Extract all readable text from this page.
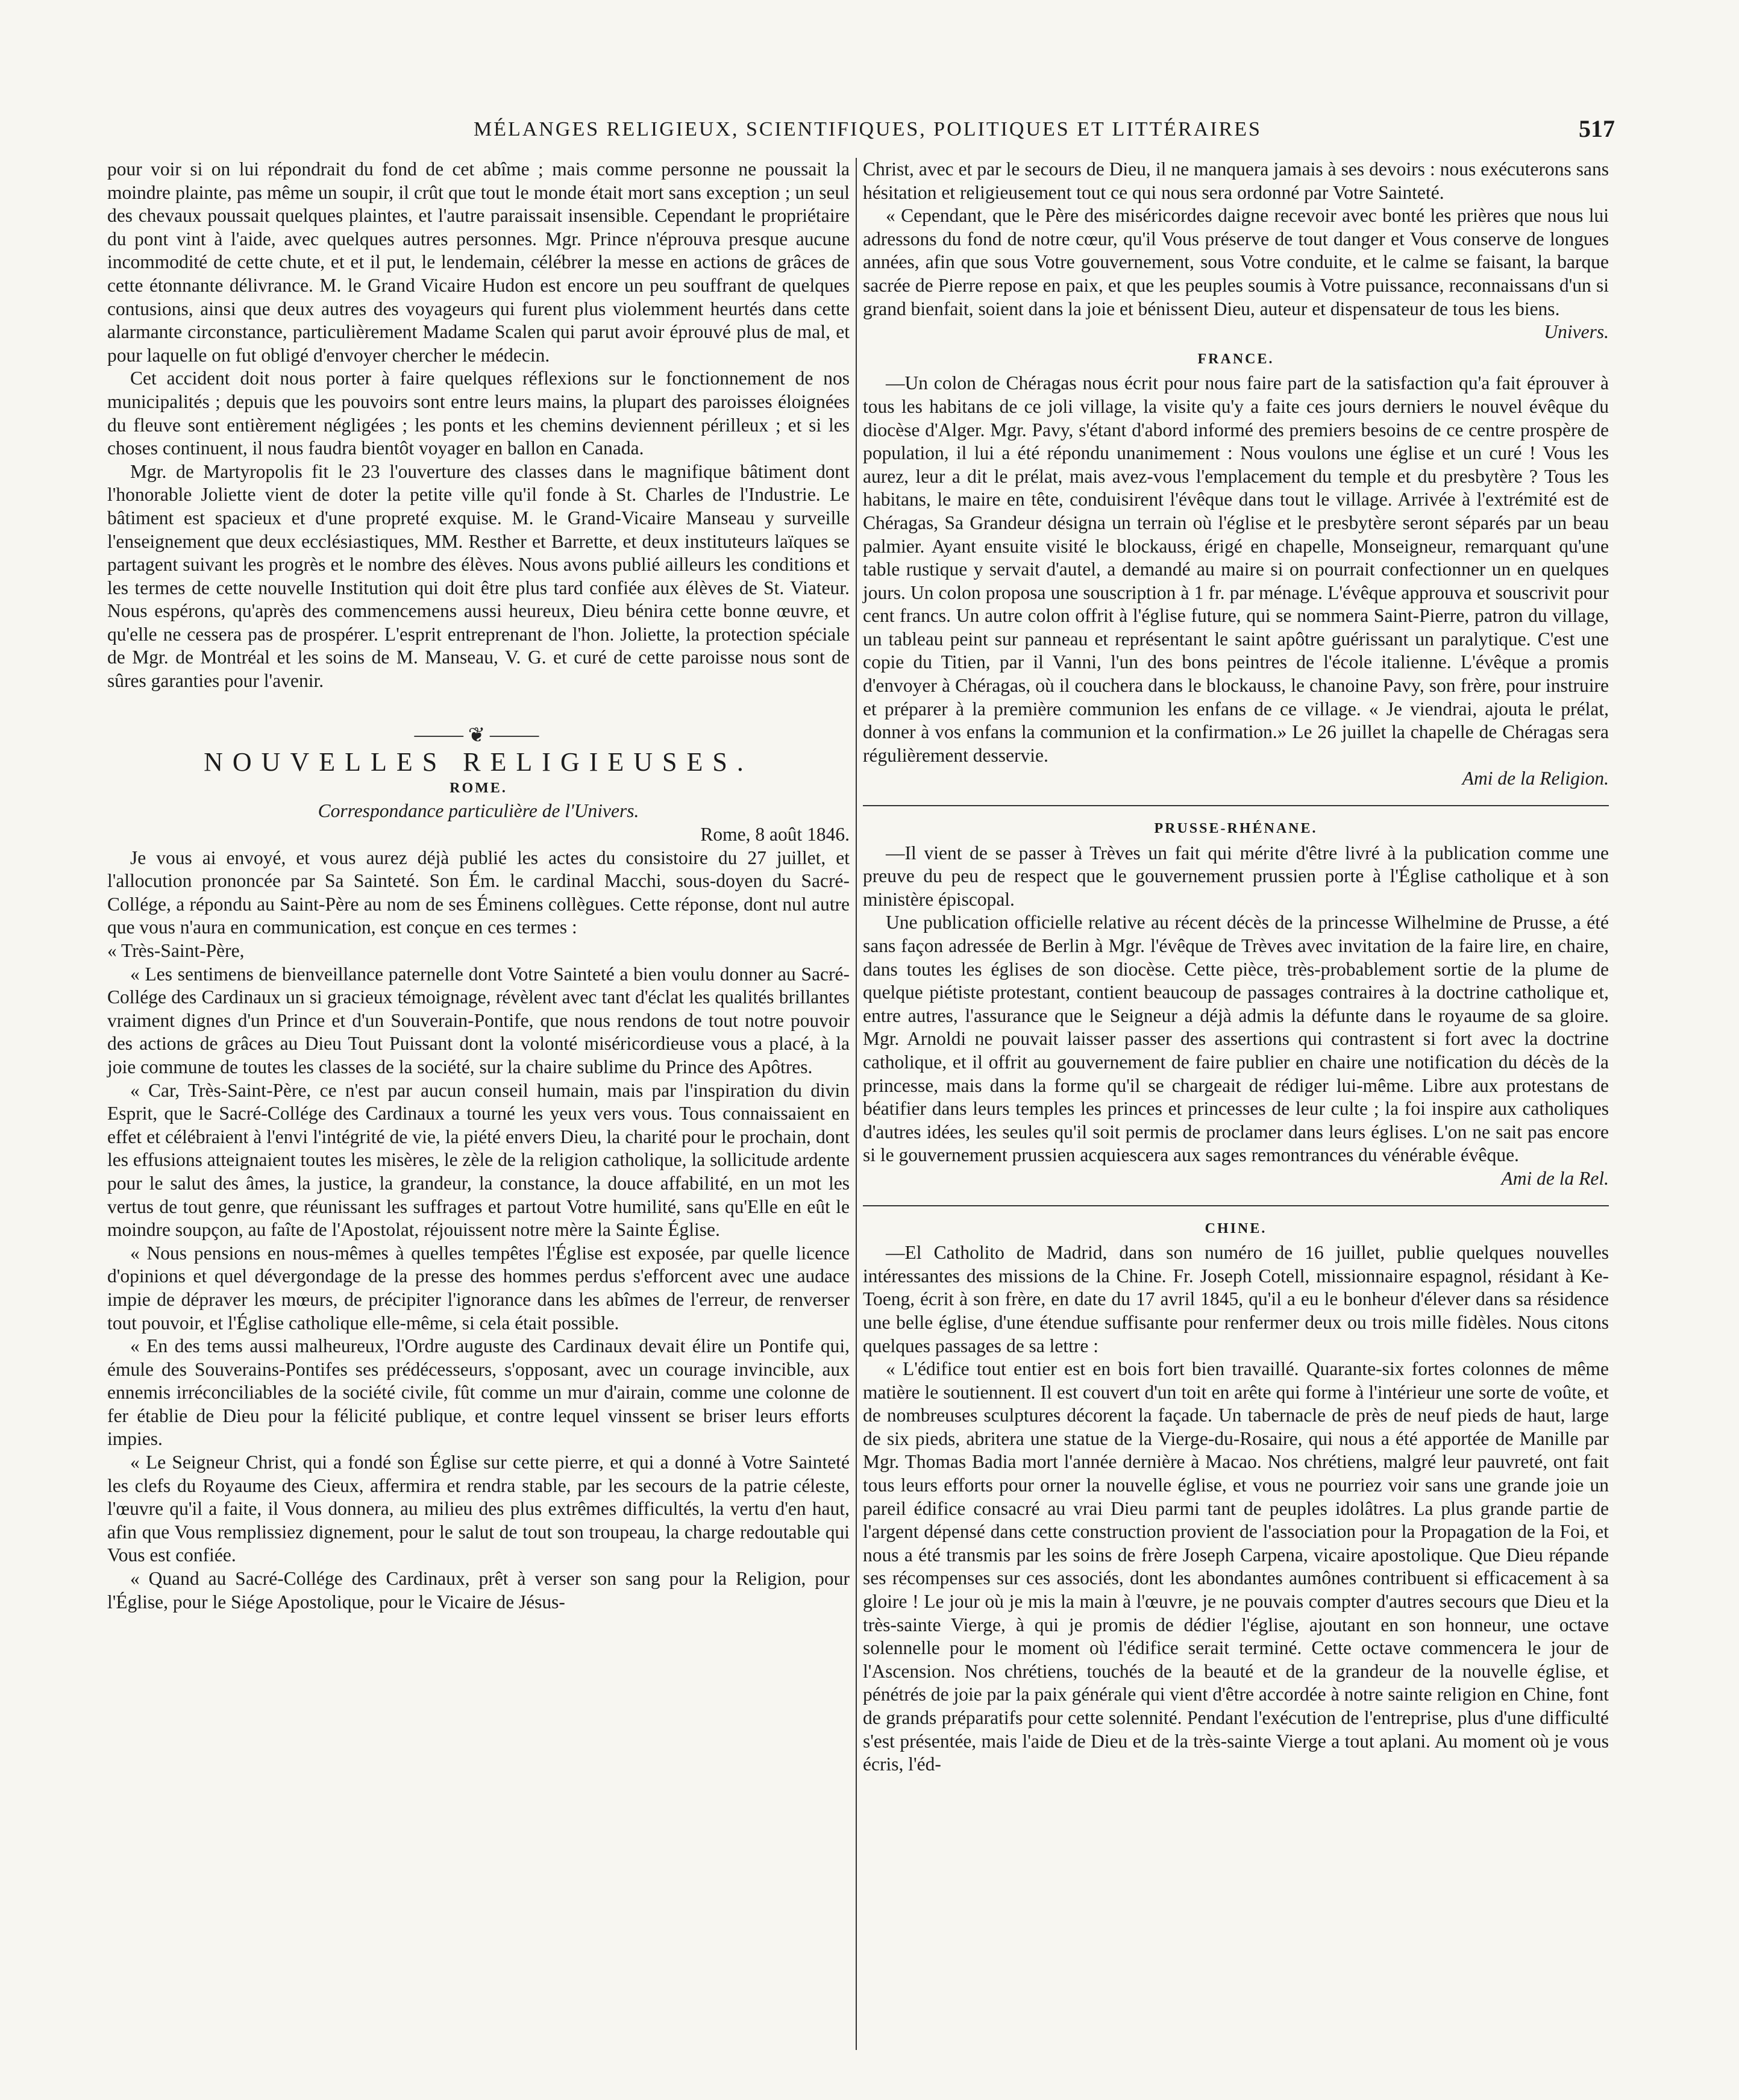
MÉLANGES RELIGIEUX, SCIENTIFIQUES, POLITIQUES ET LITTÉRAIRES	517

pour voir si on lui répondrait du fond de cet abîme ; mais comme personne ne poussait la moindre plainte, pas même un soupir, il crût que tout le monde était mort sans exception ; un seul des chevaux poussait quelques plaintes, et l'autre paraissait insensible. Cependant le propriétaire du pont vint à l'aide, avec quelques autres personnes. Mgr. Prince n'éprouva presque aucune incommodité de cette chute, et et il put, le lendemain, célébrer la messe en actions de grâces de cette étonnante délivrance. M. le Grand Vicaire Hudon est encore un peu souffrant de quelques contusions, ainsi que deux autres des voyageurs qui furent plus violemment heurtés dans cette alarmante circonstance, particulièrement Madame Scalen qui parut avoir éprouvé plus de mal, et pour laquelle on fut obligé d'envoyer chercher le médecin.

Cet accident doit nous porter à faire quelques réflexions sur le fonctionnement de nos municipalités ; depuis que les pouvoirs sont entre leurs mains, la plupart des paroisses éloignées du fleuve sont entièrement négligées ; les ponts et les chemins deviennent périlleux ; et si les choses continuent, il nous faudra bientôt voyager en ballon en Canada.

Mgr. de Martyropolis fit le 23 l'ouverture des classes dans le magnifique bâtiment dont l'honorable Joliette vient de doter la petite ville qu'il fonde à St. Charles de l'Industrie. Le bâtiment est spacieux et d'une propreté exquise. M. le Grand-Vicaire Manseau y surveille l'enseignement que deux ecclésiastiques, MM. Resther et Barrette, et deux instituteurs laïques se partagent suivant les progrès et le nombre des élèves. Nous avons publié ailleurs les conditions et les termes de cette nouvelle Institution qui doit être plus tard confiée aux élèves de St. Viateur. Nous espérons, qu'après des commencemens aussi heureux, Dieu bénira cette bonne œuvre, et qu'elle ne cessera pas de prospérer. L'esprit entreprenant de l'hon. Joliette, la protection spéciale de Mgr. de Montréal et les soins de M. Manseau, V. G. et curé de cette paroisse nous sont de sûres garanties pour l'avenir.

⸻❦⸻
NOUVELLES RELIGIEUSES.

ROME.

Correspondance particulière de l'Univers.

Rome, 8 août 1846.

Je vous ai envoyé, et vous aurez déjà publié les actes du consistoire du 27 juillet, et l'allocution prononcée par Sa Sainteté. Son Ém. le cardinal Macchi, sous-doyen du Sacré-Collége, a répondu au Saint-Père au nom de ses Éminens collègues. Cette réponse, dont nul autre que vous n'aura en communication, est conçue en ces termes :

« Très-Saint-Père,

« Les sentimens de bienveillance paternelle dont Votre Sainteté a bien voulu donner au Sacré-Collége des Cardinaux un si gracieux témoignage, révèlent avec tant d'éclat les qualités brillantes vraiment dignes d'un Prince et d'un Souverain-Pontife, que nous rendons de tout notre pouvoir des actions de grâces au Dieu Tout Puissant dont la volonté miséricordieuse vous a placé, à la joie commune de toutes les classes de la société, sur la chaire sublime du Prince des Apôtres.

« Car, Très-Saint-Père, ce n'est par aucun conseil humain, mais par l'inspiration du divin Esprit, que le Sacré-Collége des Cardinaux a tourné les yeux vers vous. Tous connaissaient en effet et célébraient à l'envi l'intégrité de vie, la piété envers Dieu, la charité pour le prochain, dont les effusions atteignaient toutes les misères, le zèle de la religion catholique, la sollicitude ardente pour le salut des âmes, la justice, la grandeur, la constance, la douce affabilité, en un mot les vertus de tout genre, que réunissant les suffrages et partout Votre humilité, sans qu'Elle en eût le moindre soupçon, au faîte de l'Apostolat, réjouissent notre mère la Sainte Église.

« Nous pensions en nous-mêmes à quelles tempêtes l'Église est exposée, par quelle licence d'opinions et quel dévergondage de la presse des hommes perdus s'efforcent avec une audace impie de dépraver les mœurs, de précipiter l'ignorance dans les abîmes de l'erreur, de renverser tout pouvoir, et l'Église catholique elle-même, si cela était possible.

« En des tems aussi malheureux, l'Ordre auguste des Cardinaux devait élire un Pontife qui, émule des Souverains-Pontifes ses prédécesseurs, s'opposant, avec un courage invincible, aux ennemis irréconciliables de la société civile, fût comme un mur d'airain, comme une colonne de fer établie de Dieu pour la félicité publique, et contre lequel vinssent se briser leurs efforts impies.

« Le Seigneur Christ, qui a fondé son Église sur cette pierre, et qui a donné à Votre Sainteté les clefs du Royaume des Cieux, affermira et rendra stable, par les secours de la patrie céleste, l'œuvre qu'il a faite, il Vous donnera, au milieu des plus extrêmes difficultés, la vertu d'en haut, afin que Vous remplissiez dignement, pour le salut de tout son troupeau, la charge redoutable qui Vous est confiée.

« Quand au Sacré-Collége des Cardinaux, prêt à verser son sang pour la Religion, pour l'Église, pour le Siége Apostolique, pour le Vicaire de Jésus-

Christ, avec et par le secours de Dieu, il ne manquera jamais à ses devoirs : nous exécuterons sans hésitation et religieusement tout ce qui nous sera ordonné par Votre Sainteté.

« Cependant, que le Père des miséricordes daigne recevoir avec bonté les prières que nous lui adressons du fond de notre cœur, qu'il Vous préserve de tout danger et Vous conserve de longues années, afin que sous Votre gouvernement, sous Votre conduite, et le calme se faisant, la barque sacrée de Pierre repose en paix, et que les peuples soumis à Votre puissance, reconnaissans d'un si grand bienfait, soient dans la joie et bénissent Dieu, auteur et dispensateur de tous les biens.

Univers.

FRANCE.

—Un colon de Chéragas nous écrit pour nous faire part de la satisfaction qu'a fait éprouver à tous les habitans de ce joli village, la visite qu'y a faite ces jours derniers le nouvel évêque du diocèse d'Alger. Mgr. Pavy, s'étant d'abord informé des premiers besoins de ce centre prospère de population, il lui a été répondu unanimement : Nous voulons une église et un curé ! Vous les aurez, leur a dit le prélat, mais avez-vous l'emplacement du temple et du presbytère ? Tous les habitans, le maire en tête, conduisirent l'évêque dans tout le village. Arrivée à l'extrémité est de Chéragas, Sa Grandeur désigna un terrain où l'église et le presbytère seront séparés par un beau palmier. Ayant ensuite visité le blockauss, érigé en chapelle, Monseigneur, remarquant qu'une table rustique y servait d'autel, a demandé au maire si on pourrait confectionner un en quelques jours. Un colon proposa une souscription à 1 fr. par ménage. L'évêque approuva et souscrivit pour cent francs. Un autre colon offrit à l'église future, qui se nommera Saint-Pierre, patron du village, un tableau peint sur panneau et représentant le saint apôtre guérissant un paralytique. C'est une copie du Titien, par il Vanni, l'un des bons peintres de l'école italienne. L'évêque a promis d'envoyer à Chéragas, où il couchera dans le blockauss, le chanoine Pavy, son frère, pour instruire et préparer à la première communion les enfans de ce village. « Je viendrai, ajouta le prélat, donner à vos enfans la communion et la confirmation.» Le 26 juillet la chapelle de Chéragas sera régulièrement desservie.

Ami de la Religion.

PRUSSE-RHÉNANE.

—Il vient de se passer à Trèves un fait qui mérite d'être livré à la publication comme une preuve du peu de respect que le gouvernement prussien porte à l'Église catholique et à son ministère épiscopal.

Une publication officielle relative au récent décès de la princesse Wilhelmine de Prusse, a été sans façon adressée de Berlin à Mgr. l'évêque de Trèves avec invitation de la faire lire, en chaire, dans toutes les églises de son diocèse. Cette pièce, très-probablement sortie de la plume de quelque piétiste protestant, contient beaucoup de passages contraires à la doctrine catholique et, entre autres, l'assurance que le Seigneur a déjà admis la défunte dans le royaume de sa gloire. Mgr. Arnoldi ne pouvait laisser passer des assertions qui contrastent si fort avec la doctrine catholique, et il offrit au gouvernement de faire publier en chaire une notification du décès de la princesse, mais dans la forme qu'il se chargeait de rédiger lui-même. Libre aux protestans de béatifier dans leurs temples les princes et princesses de leur culte ; la foi inspire aux catholiques d'autres idées, les seules qu'il soit permis de proclamer dans leurs églises. L'on ne sait pas encore si le gouvernement prussien acquiescera aux sages remontrances du vénérable évêque.

Ami de la Rel.

CHINE.

—El Catholito de Madrid, dans son numéro de 16 juillet, publie quelques nouvelles intéressantes des missions de la Chine. Fr. Joseph Cotell, missionnaire espagnol, résidant à Ke-Toeng, écrit à son frère, en date du 17 avril 1845, qu'il a eu le bonheur d'élever dans sa résidence une belle église, d'une étendue suffisante pour renfermer deux ou trois mille fidèles. Nous citons quelques passages de sa lettre :

« L'édifice tout entier est en bois fort bien travaillé. Quarante-six fortes colonnes de même matière le soutiennent. Il est couvert d'un toit en arête qui forme à l'intérieur une sorte de voûte, et de nombreuses sculptures décorent la façade. Un tabernacle de près de neuf pieds de haut, large de six pieds, abritera une statue de la Vierge-du-Rosaire, qui nous a été apportée de Manille par Mgr. Thomas Badia mort l'année dernière à Macao. Nos chrétiens, malgré leur pauvreté, ont fait tous leurs efforts pour orner la nouvelle église, et vous ne pourriez voir sans une grande joie un pareil édifice consacré au vrai Dieu parmi tant de peuples idolâtres. La plus grande partie de l'argent dépensé dans cette construction provient de l'association pour la Propagation de la Foi, et nous a été transmis par les soins de frère Joseph Carpena, vicaire apostolique. Que Dieu répande ses récompenses sur ces associés, dont les abondantes aumônes contribuent si efficacement à sa gloire ! Le jour où je mis la main à l'œuvre, je ne pouvais compter d'autres secours que Dieu et la très-sainte Vierge, à qui je promis de dédier l'église, ajoutant en son honneur, une octave solennelle pour le moment où l'édifice serait terminé. Cette octave commencera le jour de l'Ascension. Nos chrétiens, touchés de la beauté et de la grandeur de la nouvelle église, et pénétrés de joie par la paix générale qui vient d'être accordée à notre sainte religion en Chine, font de grands préparatifs pour cette solennité. Pendant l'exécution de l'entreprise, plus d'une difficulté s'est présentée, mais l'aide de Dieu et de la très-sainte Vierge a tout aplani. Au moment où je vous écris, l'éd-
